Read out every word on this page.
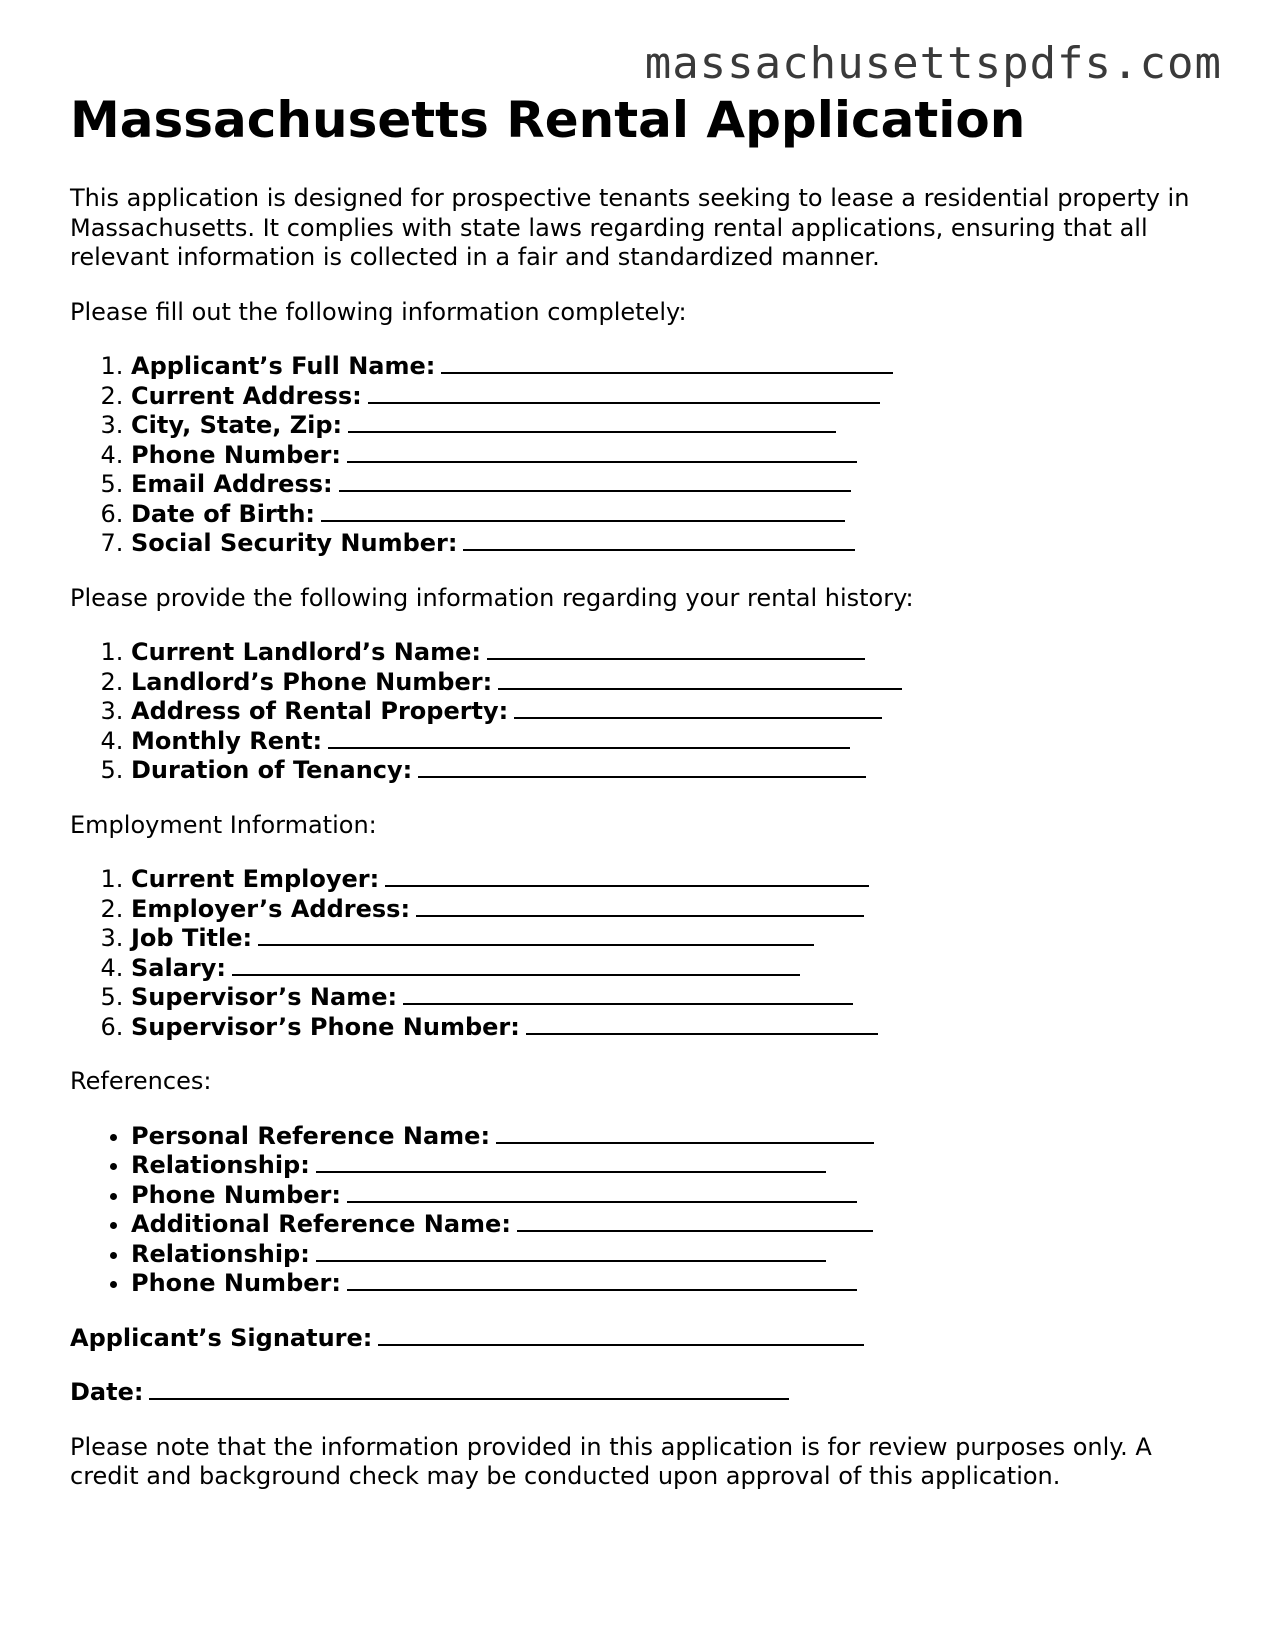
massachusettspdfs.com
Massachusetts Rental Application

This application is designed for prospective tenants seeking to lease a residential property in Massachusetts. It complies with state laws regarding rental applications, ensuring that all relevant information is collected in a fair and standardized manner.

Please fill out the following information completely:

1. Applicant’s Full Name:
2. Current Address:
3. City, State, Zip:
4. Phone Number:
5. Email Address:
6. Date of Birth:
7. Social Security Number:

Please provide the following information regarding your rental history:

1. Current Landlord’s Name:
2. Landlord’s Phone Number:
3. Address of Rental Property:
4. Monthly Rent:
5. Duration of Tenancy:

Employment Information:

1. Current Employer:
2. Employer’s Address:
3. Job Title:
4. Salary:
5. Supervisor’s Name:
6. Supervisor’s Phone Number:

References:

• Personal Reference Name:
• Relationship:
• Phone Number:
• Additional Reference Name:
• Relationship:
• Phone Number:

Applicant’s Signature:

Date:

Please note that the information provided in this application is for review purposes only. A credit and background check may be conducted upon approval of this application.
